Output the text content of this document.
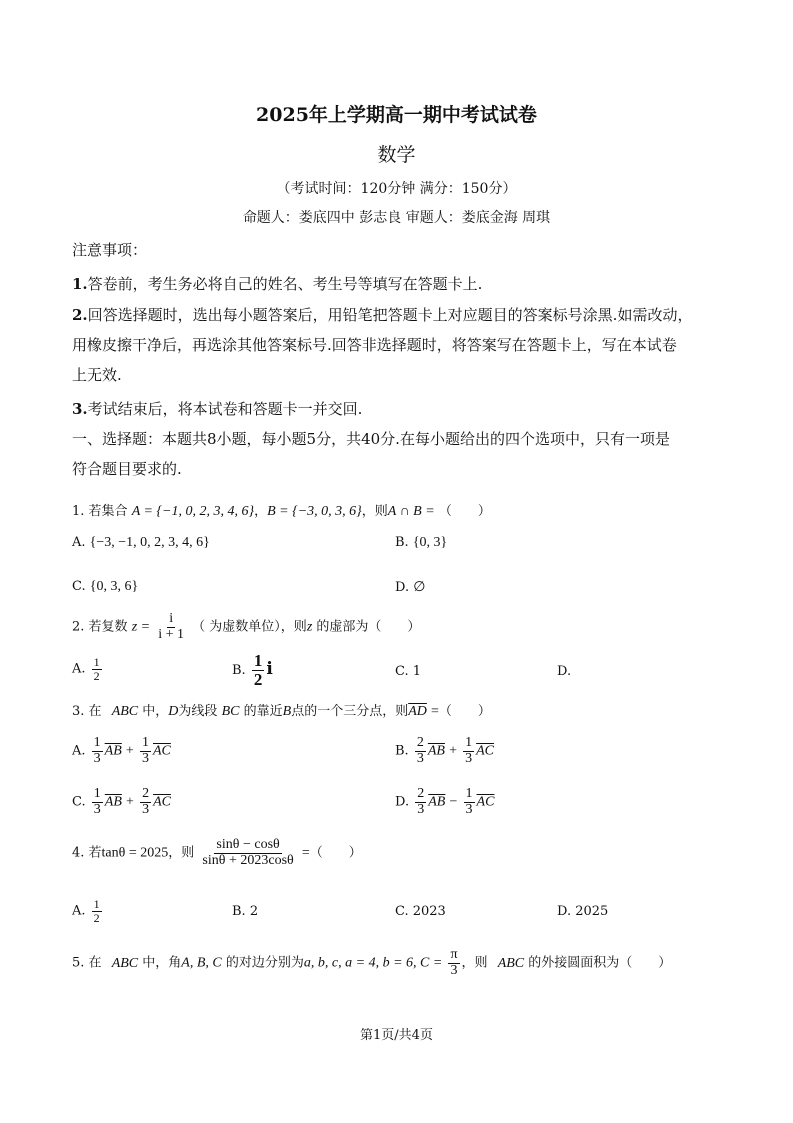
2025年上学期高一期中考试试卷
数学
（考试时间：120分钟 满分：150分）
命题人：娄底四中 彭志良 审题人：娄底金海 周琪
注意事项：
1.答卷前，考生务必将自己的姓名、考生号等填写在答题卡上.
2.回答选择题时，选出每小题答案后，用铅笔把答题卡上对应题目的答案标号涂黑.如需改动，
用橡皮擦干净后，再选涂其他答案标号.回答非选择题时，将答案写在答题卡上，写在本试卷
上无效.
3.考试结束后，将本试卷和答题卡一并交回.
一、选择题：本题共8小题，每小题5分，共40分.在每小题给出的四个选项中，只有一项是
符合题目要求的.
1. 若集合 A = {−1, 0, 2, 3, 4, 6}，B = {−3, 0, 3, 6}，则A ∩ B = （　　）
A. {−3, −1, 0, 2, 3, 4, 6}	B. {0, 3}
C. {0, 3, 6}	D. ∅
2. 若复数 $z = \frac{i}{i + 1}$ （ 为虚数单位），则z 的虚部为（　　）
A. $\frac{1}{2}$	B. $\frac{1}{2}$ i	C. 1	D.
3. 在 ABC 中，D为线段 BC 的靠近B点的一个三分点，则$\overline{AD}$ =（　　）
A. $\frac{1}{3} \overline{AB} + \frac{1}{3} \overline{AC}$	B. $\frac{2}{3} \overline{AB} + \frac{1}{3} \overline{AC}$
C. $\frac{1}{3} \overline{AB} + \frac{2}{3} \overline{AC}$	D. $\frac{2}{3} \overline{AB} - \frac{1}{3} \overline{AC}$
4. 若tanθ = 2025，则 $\frac{\sin\theta - \cos\theta}{\sin\theta + 2023\cos\theta}$ =（　　）
A. $\frac{1}{2}$	B. 2	C. 2023	D. 2025
5. 在 ABC 中，角A, B, C 的对边分别为a, b, c, a = 4, b = 6, $C = \frac{\pi}{3}$ ，则 ABC 的外接圆面积为（　　）
第1页/共4页
